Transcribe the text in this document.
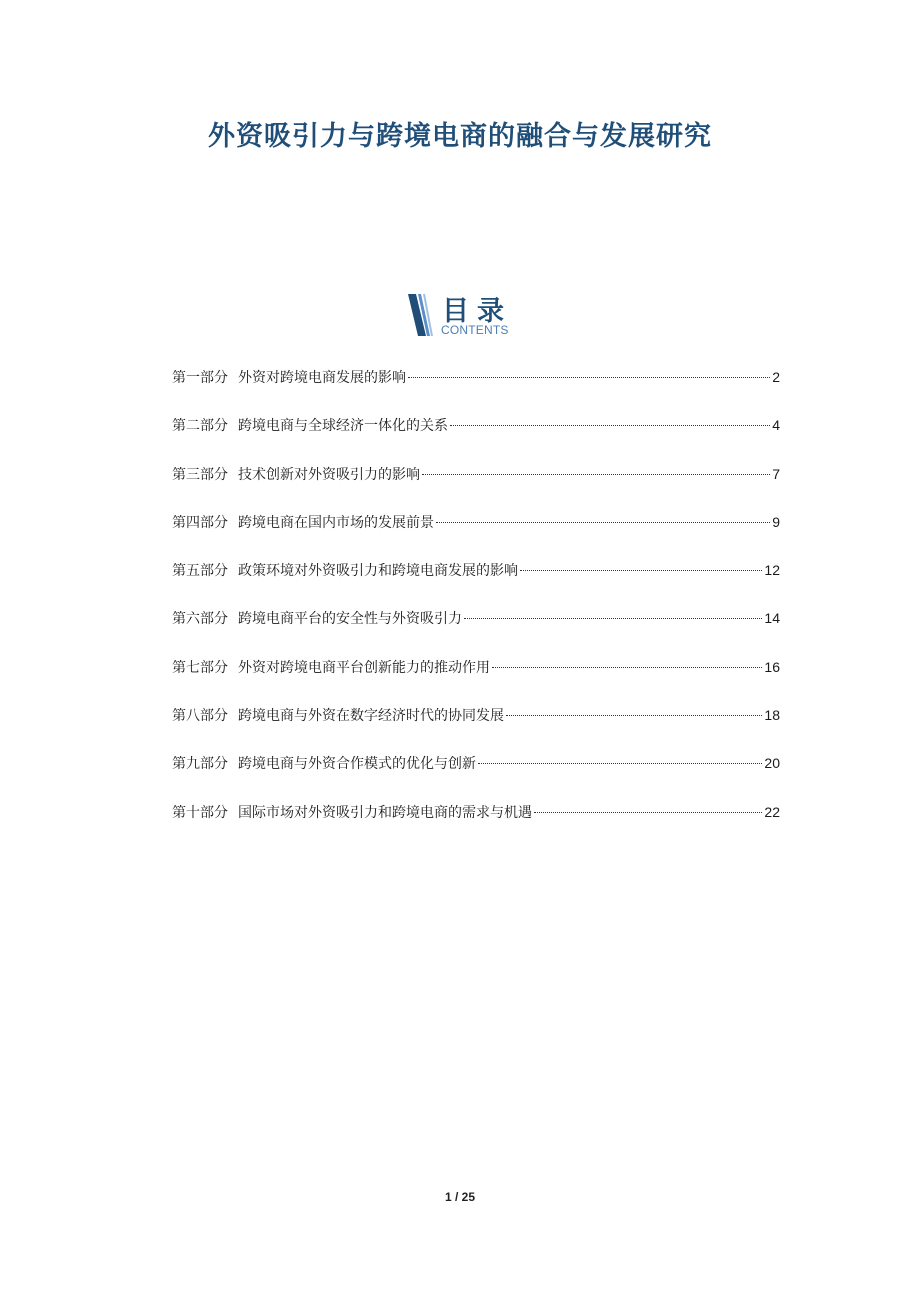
外资吸引力与跨境电商的融合与发展研究
目录
CONTENTS
第一部分 外资对跨境电商发展的影响	2
第二部分 跨境电商与全球经济一体化的关系	4
第三部分 技术创新对外资吸引力的影响	7
第四部分 跨境电商在国内市场的发展前景	9
第五部分 政策环境对外资吸引力和跨境电商发展的影响	12
第六部分 跨境电商平台的安全性与外资吸引力	14
第七部分 外资对跨境电商平台创新能力的推动作用	16
第八部分 跨境电商与外资在数字经济时代的协同发展	18
第九部分 跨境电商与外资合作模式的优化与创新	20
第十部分 国际市场对外资吸引力和跨境电商的需求与机遇	22
1 / 25
